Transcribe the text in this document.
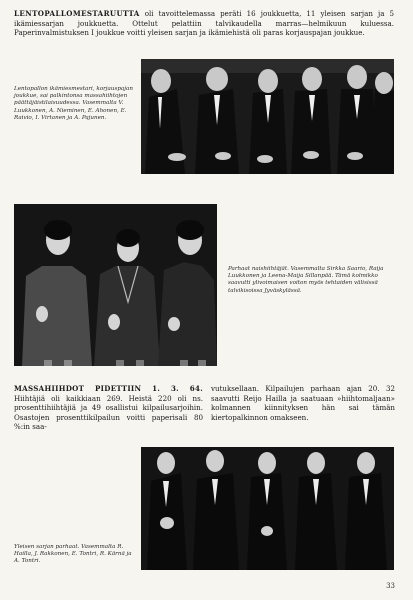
LENTOPALLOMESTARUUTTA oli tavoittelemassa peräti 16 joukkuetta, 11 yleisen sarjan ja 5 ikämiessarjan joukkuetta. Ottelut pelattiin talvikaudella marras—helmikuun kuluessa. Paperinvalmistuksen I joukkue voitti yleisen sarjan ja ikämiehistä oli paras korjauspajan joukkue.

Lentopallon ikämiesmestari, korjauspajan joukkue, sai palkintonsa massahiihtojen päättäjäistilaisuudessa. Vasemmalta V. Luukkonen, A. Nieminen, E. Ahonen, E. Raivio, I. Virtanen ja A. Pajunen.

Parhaat naishiihtäjät. Vasemmalta Sirkka Saario, Raija Luukkonen ja Leena-Maija Sillanpää. Tämä kolmikko saavutti ylivoimaisen voiton myös tehtaiden välisissä talvikisoissa Jyväskylässä.

MASSAHIIHDOT PIDETTIIN 1. 3. 64. Hiihtäjiä oli kaikkiaan 269. Heistä 220 oli ns. prosenttihiihtäjiä ja 49 osallistui kilpailusarjoihin. Osastojen prosenttikilpailun voitti paperisali 80 %:in saa-

vutuksellaan. Kilpailujen parhaan ajan 20. 32 saavutti Reijo Hailla ja saatuaan »hiihtomaljaan» kolmannen kiinnityksen hän sai tämän kiertopalkinnon omakseen.

Yleisen sarjan parhaat. Vasemmalta R. Hailla, J. Rakkonen, E. Tontri, R. Kärnä ja A. Tontri.

33
